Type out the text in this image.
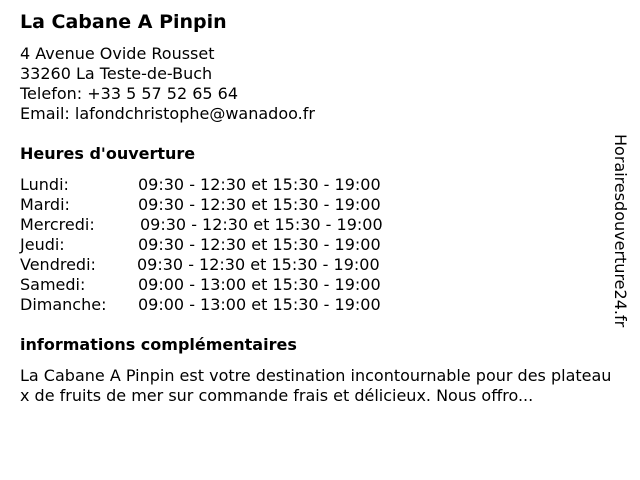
La Cabane A Pinpin
4 Avenue Ovide Rousset
33260 La Teste-de-Buch
Telefon: +33 5 57 52 65 64
Email: lafondchristophe@wanadoo.fr
Heures d'ouverture
Lundi:	09:30 - 12:30 et 15:30 - 19:00
Mardi:	09:30 - 12:30 et 15:30 - 19:00
Mercredi:	09:30 - 12:30 et 15:30 - 19:00
Jeudi:	09:30 - 12:30 et 15:30 - 19:00
Vendredi:	09:30 - 12:30 et 15:30 - 19:00
Samedi:	09:00 - 13:00 et 15:30 - 19:00
Dimanche:	09:00 - 13:00 et 15:30 - 19:00
informations complémentaires
La Cabane A Pinpin est votre destination incontournable pour des plateaux de fruits de mer sur commande frais et délicieux. Nous offro...
Horairesdouverture24.fr
